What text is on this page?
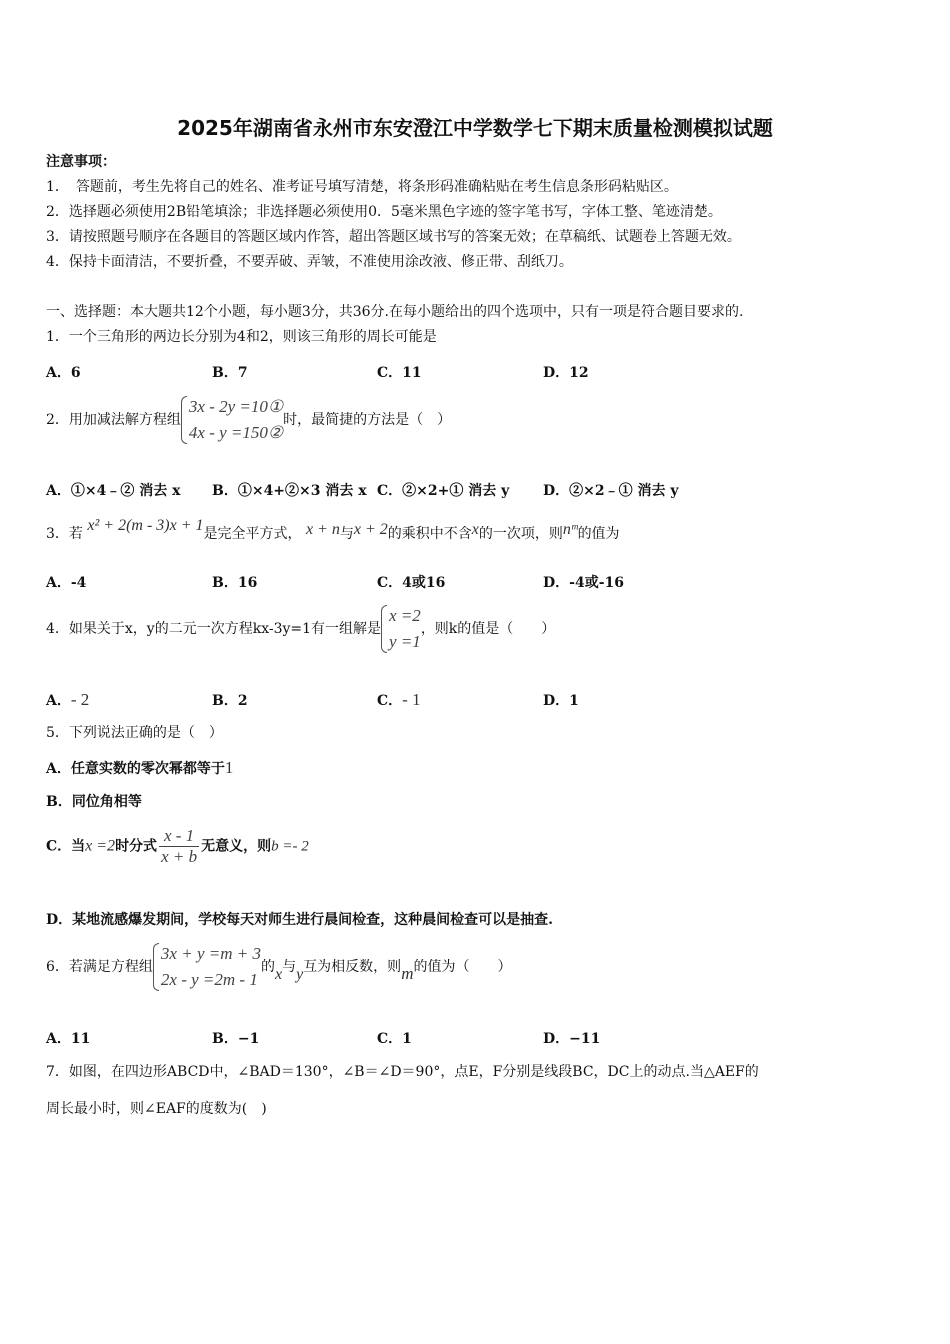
2025年湖南省永州市东安澄江中学数学七下期末质量检测模拟试题
注意事项：
1．　答题前，考生先将自己的姓名、准考证号填写清楚，将条形码准确粘贴在考生信息条形码粘贴区。
2．选择题必须使用2B铅笔填涂；非选择题必须使用0．5毫米黑色字迹的签字笔书写，字体工整、笔迹清楚。
3．请按照题号顺序在各题目的答题区域内作答，超出答题区域书写的答案无效；在草稿纸、试题卷上答题无效。
4．保持卡面清洁，不要折叠，不要弄破、弄皱，不准使用涂改液、修正带、刮纸刀。
一、选择题：本大题共12个小题，每小题3分，共36分.在每小题给出的四个选项中，只有一项是符合题目要求的.
1．一个三角形的两边长分别为4和2，则该三角形的周长可能是
A．6	B．7	C．11	D．12
2．用加减法解方程组
3x - 2y =10①
4x - y =150②
时，最简捷的方法是（　）
A．①×4﹣② 消去 x B．①×4+②×3 消去 x C．②×2+① 消去 y D．②×2﹣① 消去 y
3．若 x² + 2(m - 3)x + 1是完全平方式， x + n与x + 2的乘积中不含x的一次项，则nᵐ的值为
A．-4	B．16	C．4或16	D．-4或-16
4．如果关于x，y的二元一次方程kx-3y=1有一组解是
x =2
y =1
，则k的值是（　　）
A．- 2	B．2	C．- 1	D．1
5．下列说法正确的是（　）
A．任意实数的零次幂都等于1
B．同位角相等
C．当x =2时分式 $\frac{x - 1}{x + b}$ 无意义，则b =- 2
D．某地流感爆发期间，学校每天对师生进行晨间检查，这种晨间检查可以是抽查.
6．若满足方程组
3x + y =m + 3
2x - y =2m - 1
的x与y互为相反数，则m的值为（　　）
A．11	B．−1	C．1	D．−11
7．如图，在四边形ABCD中，∠BAD＝130°，∠B＝∠D＝90°，点E，F分别是线段BC，DC上的动点.当△AEF的
周长最小时，则∠EAF的度数为(　)
